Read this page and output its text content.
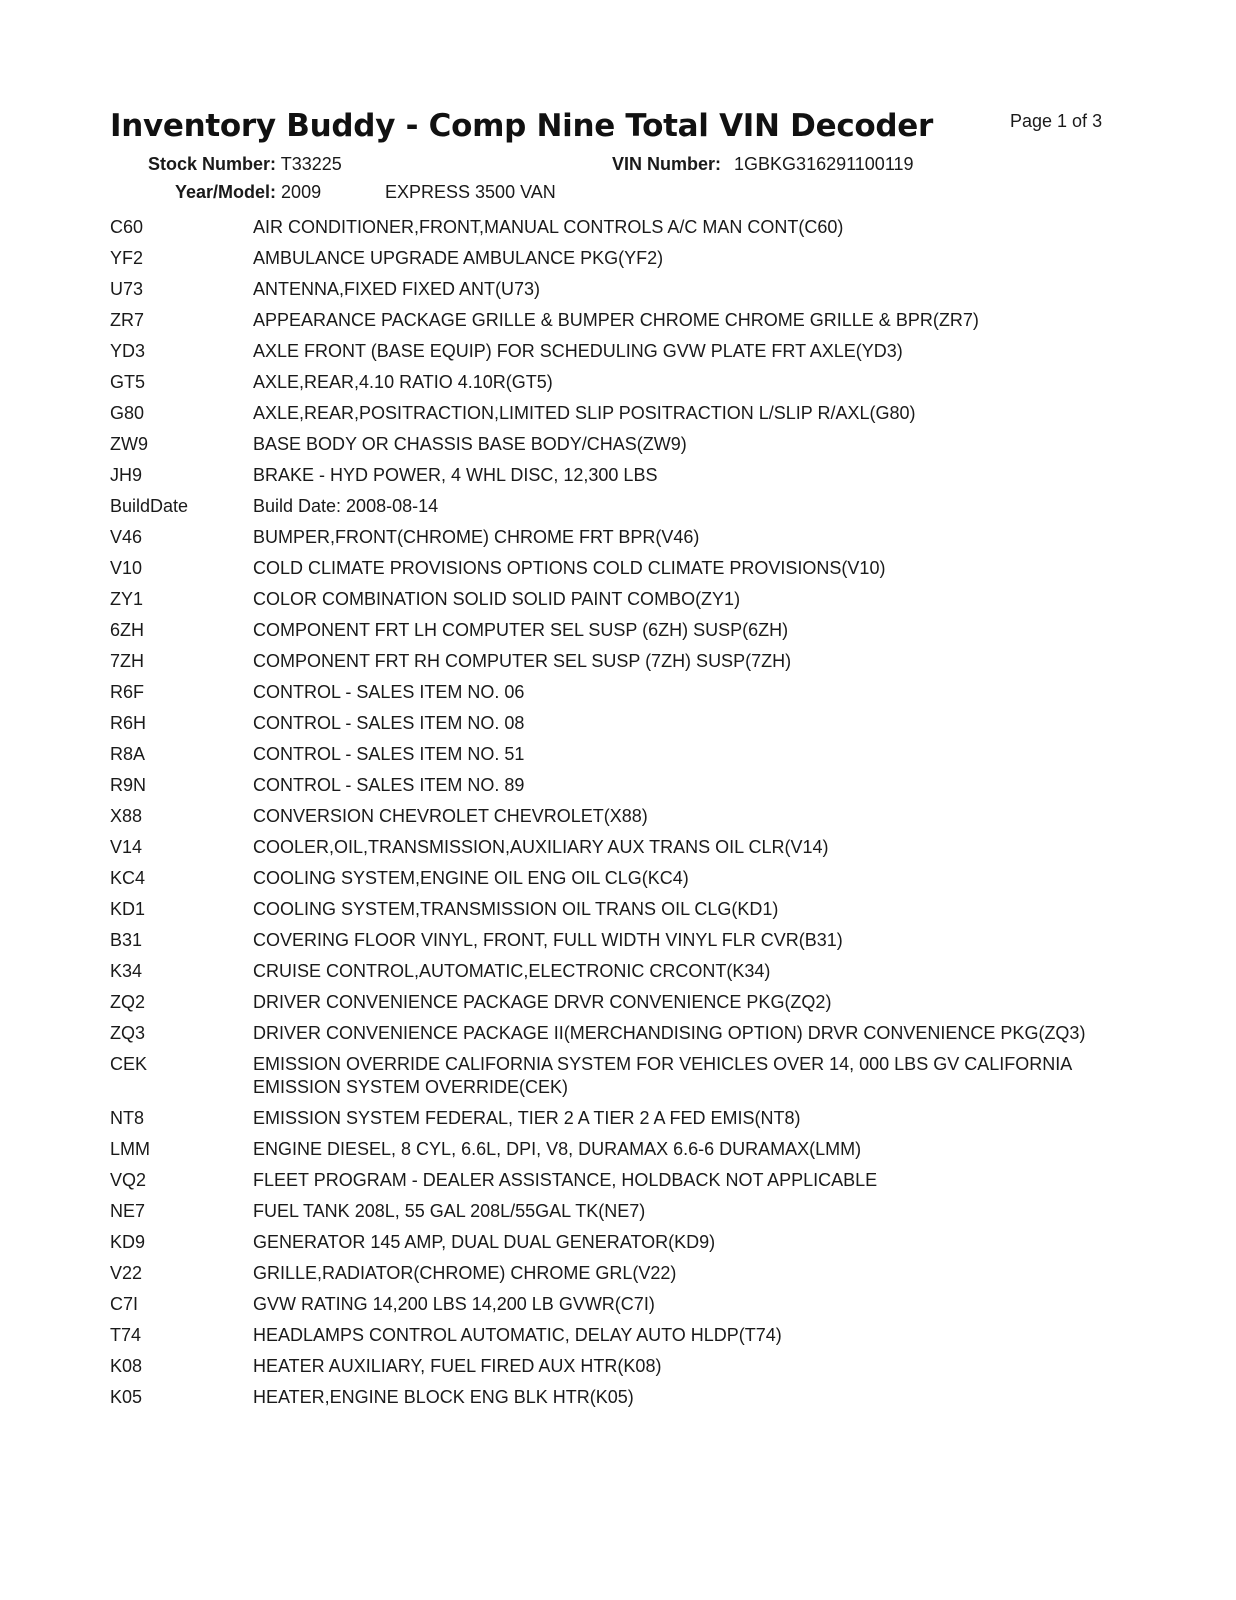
Inventory Buddy - Comp Nine Total VIN Decoder	Page 1 of 3
Stock Number: T33225	VIN Number: 1GBKG316291100119
Year/Model: 2009	EXPRESS 3500 VAN
C60	AIR CONDITIONER,FRONT,MANUAL CONTROLS A/C MAN CONT(C60)
YF2	AMBULANCE UPGRADE AMBULANCE PKG(YF2)
U73	ANTENNA,FIXED FIXED ANT(U73)
ZR7	APPEARANCE PACKAGE GRILLE & BUMPER CHROME CHROME GRILLE & BPR(ZR7)
YD3	AXLE FRONT (BASE EQUIP) FOR SCHEDULING GVW PLATE FRT AXLE(YD3)
GT5	AXLE,REAR,4.10 RATIO 4.10R(GT5)
G80	AXLE,REAR,POSITRACTION,LIMITED SLIP POSITRACTION L/SLIP R/AXL(G80)
ZW9	BASE BODY OR CHASSIS BASE BODY/CHAS(ZW9)
JH9	BRAKE - HYD POWER, 4 WHL DISC, 12,300 LBS
BuildDate	Build Date: 2008-08-14
V46	BUMPER,FRONT(CHROME) CHROME FRT BPR(V46)
V10	COLD CLIMATE PROVISIONS OPTIONS COLD CLIMATE PROVISIONS(V10)
ZY1	COLOR COMBINATION SOLID SOLID PAINT COMBO(ZY1)
6ZH	COMPONENT FRT LH COMPUTER SEL SUSP (6ZH) SUSP(6ZH)
7ZH	COMPONENT FRT RH COMPUTER SEL SUSP (7ZH) SUSP(7ZH)
R6F	CONTROL - SALES ITEM NO. 06
R6H	CONTROL - SALES ITEM NO. 08
R8A	CONTROL - SALES ITEM NO. 51
R9N	CONTROL - SALES ITEM NO. 89
X88	CONVERSION CHEVROLET CHEVROLET(X88)
V14	COOLER,OIL,TRANSMISSION,AUXILIARY AUX TRANS OIL CLR(V14)
KC4	COOLING SYSTEM,ENGINE OIL ENG OIL CLG(KC4)
KD1	COOLING SYSTEM,TRANSMISSION OIL TRANS OIL CLG(KD1)
B31	COVERING FLOOR VINYL, FRONT, FULL WIDTH VINYL FLR CVR(B31)
K34	CRUISE CONTROL,AUTOMATIC,ELECTRONIC CRCONT(K34)
ZQ2	DRIVER CONVENIENCE PACKAGE DRVR CONVENIENCE PKG(ZQ2)
ZQ3	DRIVER CONVENIENCE PACKAGE II(MERCHANDISING OPTION) DRVR CONVENIENCE PKG(ZQ3)
CEK	EMISSION OVERRIDE CALIFORNIA SYSTEM FOR VEHICLES OVER 14, 000 LBS GV CALIFORNIA EMISSION SYSTEM OVERRIDE(CEK)
NT8	EMISSION SYSTEM FEDERAL, TIER 2 A TIER 2 A FED EMIS(NT8)
LMM	ENGINE DIESEL, 8 CYL, 6.6L, DPI, V8, DURAMAX 6.6-6 DURAMAX(LMM)
VQ2	FLEET PROGRAM - DEALER ASSISTANCE, HOLDBACK NOT APPLICABLE
NE7	FUEL TANK 208L, 55 GAL 208L/55GAL TK(NE7)
KD9	GENERATOR 145 AMP, DUAL DUAL GENERATOR(KD9)
V22	GRILLE,RADIATOR(CHROME) CHROME GRL(V22)
C7I	GVW RATING 14,200 LBS 14,200 LB GVWR(C7I)
T74	HEADLAMPS CONTROL AUTOMATIC, DELAY AUTO HLDP(T74)
K08	HEATER AUXILIARY, FUEL FIRED AUX HTR(K08)
K05	HEATER,ENGINE BLOCK ENG BLK HTR(K05)
